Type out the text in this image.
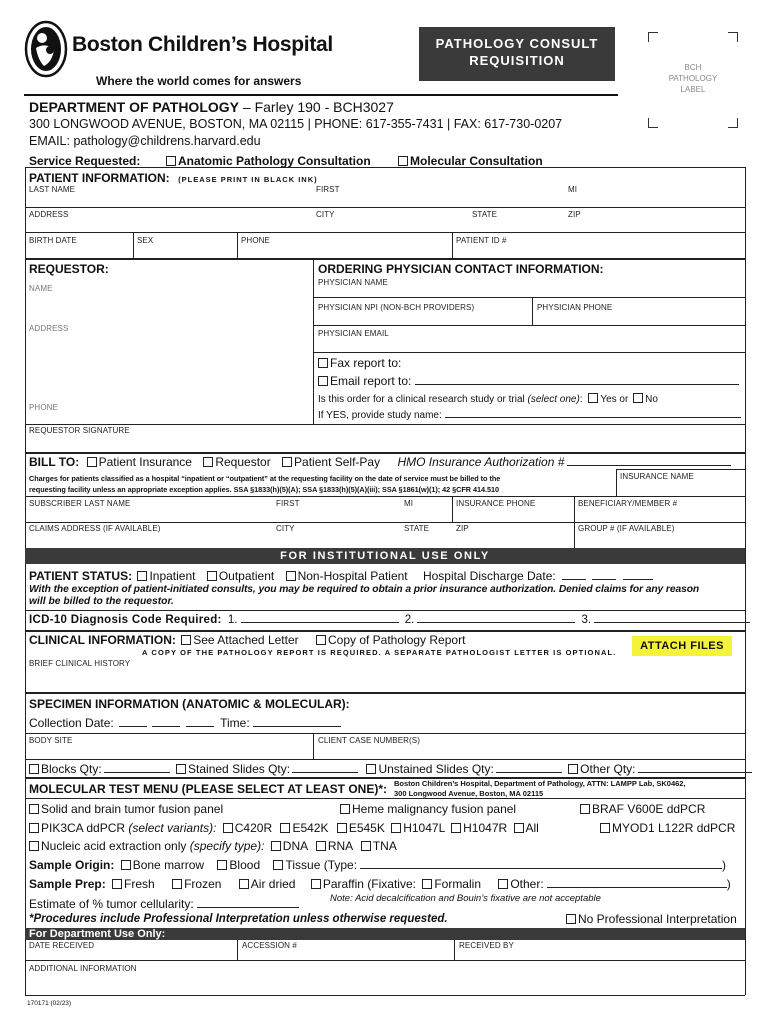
Boston Children’s Hospital
Where the world comes for answers
PATHOLOGY CONSULT
REQUISITION	BCH
PATHOLOGY
LABEL
DEPARTMENT OF PATHOLOGY – Farley 190 - BCH3027
300 LONGWOOD AVENUE, BOSTON, MA 02115 | PHONE: 617-355-7431 | FAX: 617-730-0207
EMAIL: pathology@childrens.harvard.edu
Service Requested:	Anatomic Pathology Consultation	Molecular Consultation
PATIENT INFORMATION: (PLEASE PRINT IN BLACK INK)
LAST NAME	FIRST	MI
ADDRESS	CITY	STATE	ZIP
BIRTH DATE	SEX	PHONE	PATIENT ID #
REQUESTOR:
NAME
ADDRESS
PHONE
ORDERING PHYSICIAN CONTACT INFORMATION:
PHYSICIAN NAME
PHYSICIAN NPI (NON-BCH PROVIDERS)	PHYSICIAN PHONE
PHYSICIAN EMAIL
Fax report to:
Email report to:
Is this order for a clinical research study or trial (select one): Yes or No
If YES, provide study name:
REQUESTOR SIGNATURE
BILL TO: Patient Insurance Requestor Patient Self-Pay HMO Insurance Authorization #
Charges for patients classified as a hospital “inpatient or “outpatient” at the requesting facility on the date of service must be billed to the
requesting facility unless an appropriate exception applies. SSA §1833(h)(5)(A); SSA §1833(h)(5)(A)(iii); SSA §1861(w)(1); 42 §CFR 414.510
INSURANCE NAME
SUBSCRIBER LAST NAME	FIRST	MI	INSURANCE PHONE	BENEFICIARY/MEMBER #
CLAIMS ADDRESS (IF AVAILABLE)	CITY	STATE	ZIP	GROUP # (IF AVAILABLE)
FOR INSTITUTIONAL USE ONLY
PATIENT STATUS: Inpatient Outpatient Non-Hospital Patient Hospital Discharge Date:
With the exception of patient-initiated consults, you may be required to obtain a prior insurance authorization. Denied claims for any reason
will be billed to the requestor.
ICD-10 Diagnosis Code Required: 1.	2.	3.
CLINICAL INFORMATION: See Attached Letter Copy of Pathology Report	ATTACH FILES
A COPY OF THE PATHOLOGY REPORT IS REQUIRED. A SEPARATE PATHOLOGIST LETTER IS OPTIONAL.
BRIEF CLINICAL HISTORY
SPECIMEN INFORMATION (ANATOMIC & MOLECULAR):
Collection Date:	Time:
BODY SITE	CLIENT CASE NUMBER(S)
Blocks Qty:	Stained Slides Qty:	Unstained Slides Qty:	Other Qty:
MOLECULAR TEST MENU (PLEASE SELECT AT LEAST ONE)*: Boston Children’s Hospital, Department of Pathology, ATTN: LAMPP Lab, SK0462,
300 Longwood Avenue, Boston, MA 02115
Solid and brain tumor fusion panel	Heme malignancy fusion panel	BRAF V600E ddPCR
PIK3CA ddPCR (select variants): C420R E542K E545K H1047L H1047R All	MYOD1 L122R ddPCR
Nucleic acid extraction only (specify type): DNA RNA TNA
Sample Origin: Bone marrow Blood Tissue (Type:	)
Sample Prep: Fresh Frozen Air dried Paraffin (Fixative: Formalin Other:	)
Estimate of % tumor cellularity:	Note: Acid decalcification and Bouin’s fixative are not acceptable
*Procedures include Professional Interpretation unless otherwise requested.	No Professional Interpretation
For Department Use Only:
DATE RECEIVED	ACCESSION #	RECEIVED BY
ADDITIONAL INFORMATION
170171 (02/23)
